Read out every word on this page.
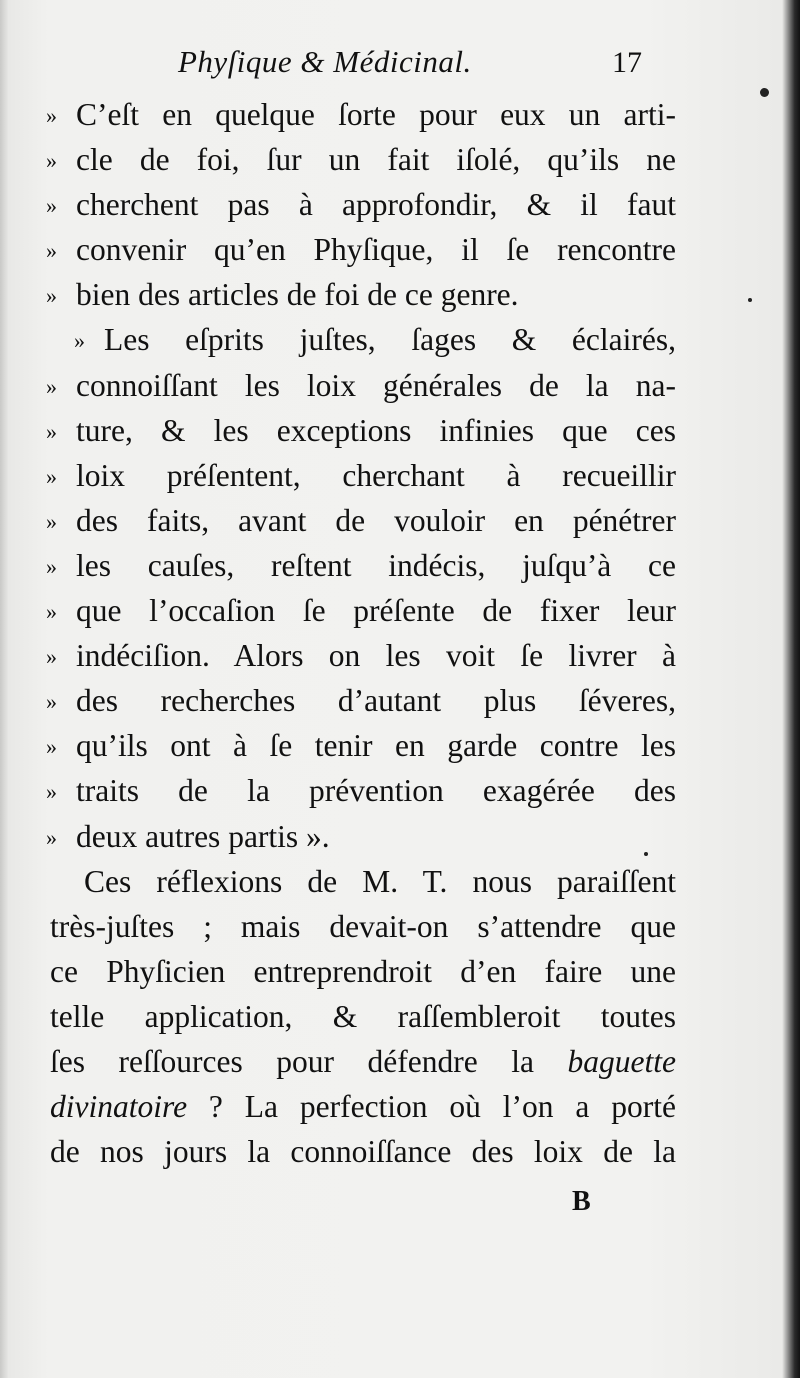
Phyſique & Médicinal.	17
» C’eſt en quelque ſorte pour eux un arti-
» cle de foi, ſur un fait iſolé, qu’ils ne
» cherchent pas à approfondir, & il faut
» convenir qu’en Phyſique, il ſe rencontre
» bien des articles de foi de ce genre.
» Les eſprits juſtes, ſages & éclairés,
» connoiſſant les loix générales de la na-
» ture, & les exceptions infinies que ces
» loix préſentent, cherchant à recueillir
» des faits, avant de vouloir en pénétrer
» les cauſes, reſtent indécis, juſqu’à ce
» que l’occaſion ſe préſente de fixer leur
» indéciſion. Alors on les voit ſe livrer à
» des recherches d’autant plus ſéveres,
» qu’ils ont à ſe tenir en garde contre les
» traits de la prévention exagérée des
» deux autres partis ».
Ces réflexions de M. T. nous paraiſſent
très-juſtes ; mais devait-on s’attendre que
ce Phyſicien entreprendroit d’en faire une
telle application, & raſſembleroit toutes
ſes reſſources pour défendre la baguette
divinatoire ? La perfection où l’on a porté
de nos jours la connoiſſance des loix de la
B
